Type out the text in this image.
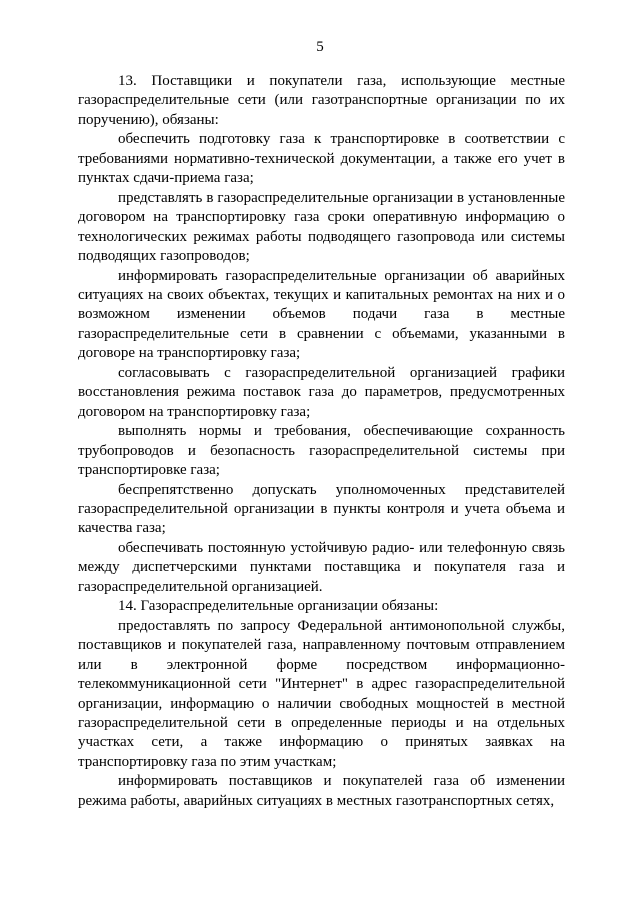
5

13. Поставщики и покупатели газа, использующие местные газораспределительные сети (или газотранспортные организации по их поручению), обязаны:

обеспечить подготовку газа к транспортировке в соответствии с требованиями нормативно-технической документации, а также его учет в пунктах сдачи-приема газа;

представлять в газораспределительные организации в установленные договором на транспортировку газа сроки оперативную информацию о технологических режимах работы подводящего газопровода или системы подводящих газопроводов;

информировать газораспределительные организации об аварийных ситуациях на своих объектах, текущих и капитальных ремонтах на них и о возможном изменении объемов подачи газа в местные газораспределительные сети в сравнении с объемами, указанными в договоре на транспортировку газа;

согласовывать с газораспределительной организацией графики восстановления режима поставок газа до параметров, предусмотренных договором на транспортировку газа;

выполнять нормы и требования, обеспечивающие сохранность трубопроводов и безопасность газораспределительной системы при транспортировке газа;

беспрепятственно допускать уполномоченных представителей газораспределительной организации в пункты контроля и учета объема и качества газа;

обеспечивать постоянную устойчивую радио- или телефонную связь между диспетчерскими пунктами поставщика и покупателя газа и газораспределительной организацией.

14. Газораспределительные организации обязаны:

предоставлять по запросу Федеральной антимонопольной службы, поставщиков и покупателей газа, направленному почтовым отправлением или в электронной форме посредством информационно-телекоммуникационной сети "Интернет" в адрес газораспределительной организации, информацию о наличии свободных мощностей в местной газораспределительной сети в определенные периоды и на отдельных участках сети, а также информацию о принятых заявках на транспортировку газа по этим участкам;

информировать поставщиков и покупателей газа об изменении режима работы, аварийных ситуациях в местных газотранспортных сетях,
